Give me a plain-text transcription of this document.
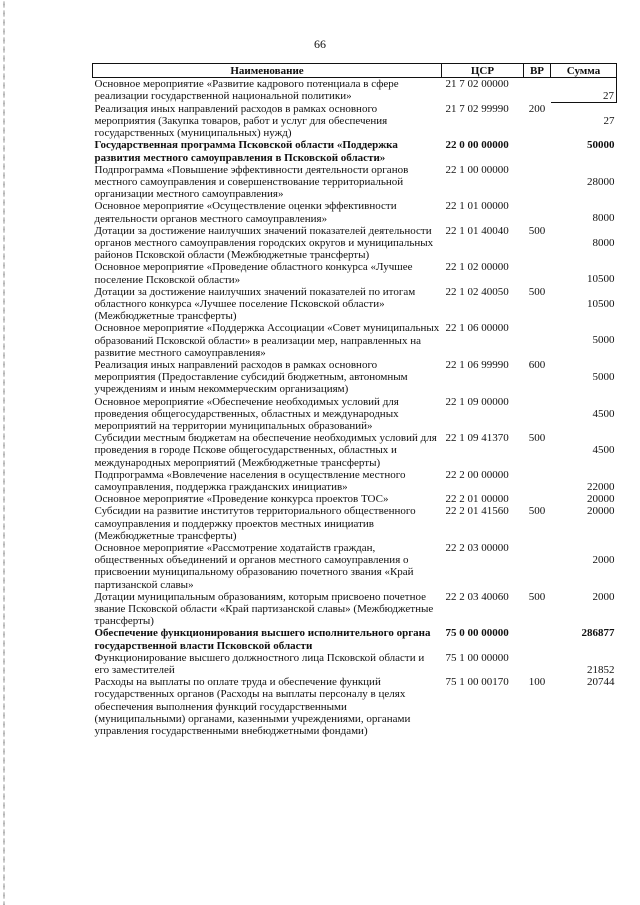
66
Наименование	ЦСР	ВР	Сумма
Основное мероприятие «Развитие кадрового потенциала в сфере реализации государственной национальной политики»	21 7 02 00000		27
Реализация иных направлений расходов в рамках основного мероприятия (Закупка товаров, работ и услуг для обеспечения государственных (муниципальных) нужд)	21 7 02 99990	200	27
Государственная программа Псковской области «Поддержка развития местного самоуправления в Псковской области»	22 0 00 00000		50000
Подпрограмма «Повышение эффективности деятельности органов местного самоуправления и совершенствование территориальной организации местного самоуправления»	22 1 00 00000		28000
Основное мероприятие «Осуществление оценки эффективности деятельности органов местного самоуправления»	22 1 01 00000		8000
Дотации за достижение наилучших значений показателей деятельности органов местного самоуправления городских округов и муниципальных районов Псковской области (Межбюджетные трансферты)	22 1 01 40040	500	8000
Основное мероприятие «Проведение областного конкурса «Лучшее поселение Псковской области»	22 1 02 00000		10500
Дотации за достижение наилучших значений показателей по итогам областного конкурса «Лучшее поселение Псковской области» (Межбюджетные трансферты)	22 1 02 40050	500	10500
Основное мероприятие «Поддержка Ассоциации «Совет муниципальных образований Псковской области» в реализации мер, направленных на развитие местного самоуправления»	22 1 06 00000		5000
Реализация иных направлений расходов в рамках основного мероприятия (Предоставление субсидий бюджетным, автономным учреждениям и иным некоммерческим организациям)	22 1 06 99990	600	5000
Основное мероприятие «Обеспечение необходимых условий для проведения общегосударственных, областных и международных мероприятий на территории муниципальных образований»	22 1 09 00000		4500
Субсидии местным бюджетам на обеспечение необходимых условий для проведения в городе Пскове общегосударственных, областных и международных мероприятий (Межбюджетные трансферты)	22 1 09 41370	500	4500
Подпрограмма «Вовлечение населения в осуществление местного самоуправления, поддержка гражданских инициатив»	22 2 00 00000		22000
Основное мероприятие «Проведение конкурса проектов ТОС»	22 2 01 00000		20000
Субсидии на развитие институтов территориального общественного самоуправления и поддержку проектов местных инициатив (Межбюджетные трансферты)	22 2 01 41560	500	20000
Основное мероприятие «Рассмотрение ходатайств граждан, общественных объединений и органов местного самоуправления о присвоении муниципальному образованию почетного звания «Край партизанской славы»	22 2 03 00000		2000
Дотации муниципальным образованиям, которым присвоено почетное звание Псковской области «Край партизанской славы» (Межбюджетные трансферты)	22 2 03 40060	500	2000
Обеспечение функционирования высшего исполнительного органа государственной власти Псковской области	75 0 00 00000		286877
Функционирование высшего должностного лица Псковской области и его заместителей	75 1 00 00000		21852
Расходы на выплаты по оплате труда и обеспечение функций государственных органов (Расходы на выплаты персоналу в целях обеспечения выполнения функций государственными (муниципальными) органами, казенными учреждениями, органами управления государственными внебюджетными фондами)	75 1 00 00170	100	20744
